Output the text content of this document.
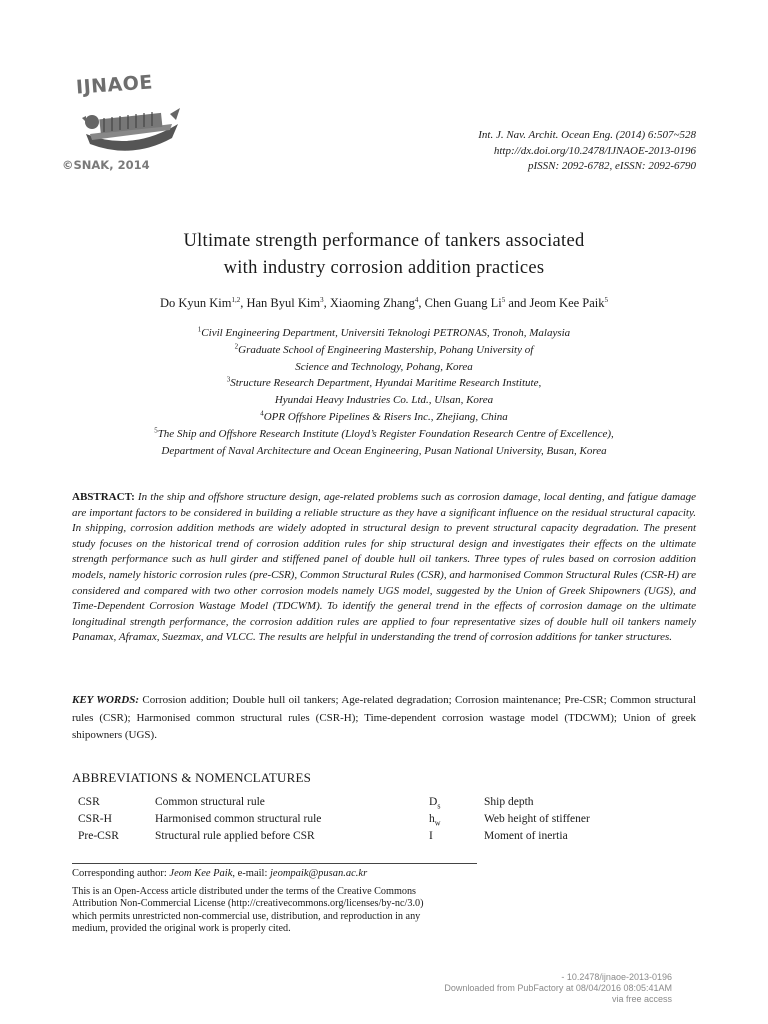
IJNAOE
©SNAK, 2014
Int. J. Nav. Archit. Ocean Eng. (2014) 6:507~528
http://dx.doi.org/10.2478/IJNAOE-2013-0196
pISSN: 2092-6782, eISSN: 2092-6790
Ultimate strength performance of tankers associated
with industry corrosion addition practices
Do Kyun Kim$^{1,2}$, Han Byul Kim$^3$, Xiaoming Zhang$^4$, Chen Guang Li$^5$ and Jeom Kee Paik$^5$
$^1$Civil Engineering Department, Universiti Teknologi PETRONAS, Tronoh, Malaysia
$^2$Graduate School of Engineering Mastership, Pohang University of
Science and Technology, Pohang, Korea
$^3$Structure Research Department, Hyundai Maritime Research Institute,
Hyundai Heavy Industries Co. Ltd., Ulsan, Korea
$^4$OPR Offshore Pipelines & Risers Inc., Zhejiang, China
$^5$The Ship and Offshore Research Institute (Lloyd’s Register Foundation Research Centre of Excellence),
Department of Naval Architecture and Ocean Engineering, Pusan National University, Busan, Korea
ABSTRACT: In the ship and offshore structure design, age-related problems such as corrosion damage, local denting, and fatigue damage are important factors to be considered in building a reliable structure as they have a significant influence on the residual structural capacity. In shipping, corrosion addition methods are widely adopted in structural design to prevent structural capacity degradation. The present study focuses on the historical trend of corrosion addition rules for ship structural design and investigates their effects on the ultimate strength performance such as hull girder and stiffened panel of double hull oil tankers. Three types of rules based on corrosion addition models, namely historic corrosion rules (pre-CSR), Common Structural Rules (CSR), and harmonised Common Structural Rules (CSR-H) are considered and compared with two other corrosion models namely UGS model, suggested by the Union of Greek Shipowners (UGS), and Time-Dependent Corrosion Wastage Model (TDCWM). To identify the general trend in the effects of corrosion damage on the ultimate longitudinal strength performance, the corrosion addition rules are applied to four representative sizes of double hull oil tankers namely Panamax, Aframax, Suezmax, and VLCC. The results are helpful in understanding the trend of corrosion additions for tanker structures.
KEY WORDS: Corrosion addition; Double hull oil tankers; Age-related degradation; Corrosion maintenance; Pre-CSR; Common structural rules (CSR); Harmonised common structural rules (CSR-H); Time-dependent corrosion wastage model (TDCWM); Union of greek shipowners (UGS).
ABBREVIATIONS & NOMENCLATURES
CSR	Common structural rule	$D_s$	Ship depth
CSR-H	Harmonised common structural rule	$h_w$	Web height of stiffener
Pre-CSR	Structural rule applied before CSR	I	Moment of inertia
Corresponding author: Jeom Kee Paik, e-mail: jeompaik@pusan.ac.kr
This is an Open-Access article distributed under the terms of the Creative Commons
Attribution Non-Commercial License (http://creativecommons.org/licenses/by-nc/3.0)
which permits unrestricted non-commercial use, distribution, and reproduction in any
medium, provided the original work is properly cited.
- 10.2478/ijnaoe-2013-0196
Downloaded from PubFactory at 08/04/2016 08:05:41AM
via free access
